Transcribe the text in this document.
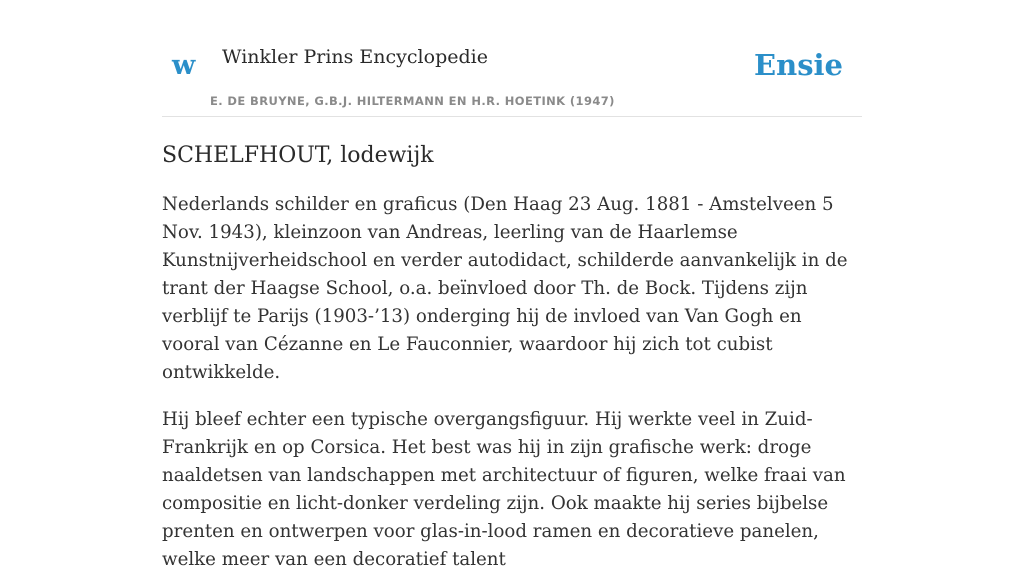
w Winkler Prins Encyclopedie
E. DE BRUYNE, G.B.J. HILTERMANN EN H.R. HOETINK (1947)
Ensie
SCHELFHOUT, lodewijk

Nederlands schilder en graficus (Den Haag 23 Aug. 1881 - Amstelveen 5 Nov. 1943), kleinzoon van Andreas, leerling van de Haarlemse Kunstnijverheidschool en verder autodidact, schilderde aanvankelijk in de trant der Haagse School, o.a. beïnvloed door Th. de Bock. Tijdens zijn verblijf te Parijs (1903-’13) onderging hij de invloed van Van Gogh en vooral van Cézanne en Le Fauconnier, waardoor hij zich tot cubist ontwikkelde.

Hij bleef echter een typische overgangsfiguur. Hij werkte veel in Zuid-Frankrijk en op Corsica. Het best was hij in zijn grafische werk: droge naaldetsen van landschappen met architectuur of figuren, welke fraai van compositie en licht-donker verdeling zijn. Ook maakte hij series bijbelse prenten en ontwerpen voor glas-in-lood ramen en decoratieve panelen, welke meer van een decoratief talent
